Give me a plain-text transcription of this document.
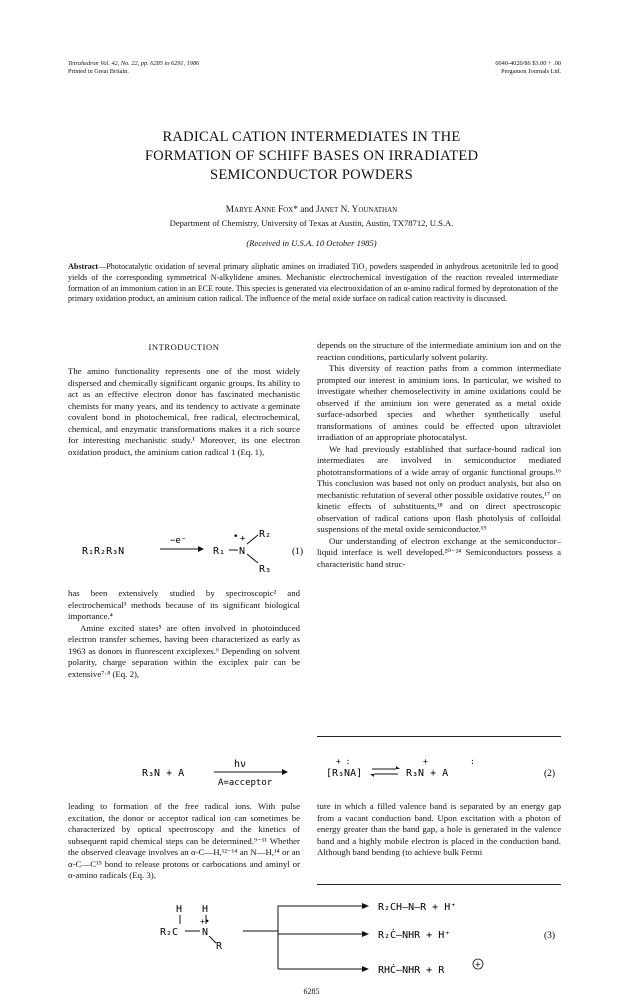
Tetrahedron Vol. 42, No. 22, pp. 6285 to 6291, 1986
Printed in Great Britain.
0040-4020/86 $3.00 + .00
Pergamon Journals Ltd.
RADICAL CATION INTERMEDIATES IN THE
FORMATION OF SCHIFF BASES ON IRRADIATED
SEMICONDUCTOR POWDERS
Marye Anne Fox* and Janet N. Younathan
Department of Chemistry, University of Texas at Austin, Austin, TX78712, U.S.A.
(Received in U.S.A. 10 October 1985)
Abstract—Photocatalytic oxidation of several primary aliphatic amines on irradiated TiO₂ powders suspended in anhydrous acetonitrile led to good yields of the corresponding symmetrical N-alkylidene amines. Mechanistic electrochemical investigation of the reaction revealed intermediate formation of an immonium cation in an ECE route. This species is generated via electrooxidation of an α-amino radical formed by deprotonation of the primary oxidation product, an aminium cation radical. The influence of the metal oxide surface on radical cation reactivity is discussed.
INTRODUCTION

The amino functionality represents one of the most widely dispersed and chemically significant organic groups. Its ability to act as an effective electron donor has fascinated mechanistic chemists for many years, and its tendency to activate a geminate covalent bond in photochemical, free radical, electrochemical, chemical, and enzymatic transformations makes it a rich source for interesting mechanistic study.¹ Moreover, its one electron oxidation product, the aminium cation radical 1 (Eq. 1),

R₁R₂R₃N
−e⁻
R₁ N
+
• R₂
R₃
(1)

has been extensively studied by spectroscopic² and electrochemical³ methods because of its significant biological importance.⁴

Amine excited states⁵ are often involved in photoinduced electron transfer schemes, having been characterized as early as 1963 as donors in fluorescent exciplexes.⁶ Depending on solvent polarity, charge separation within the exciplex pair can be extensive⁷·⁸ (Eq. 2),

R₃N + A
hν
A=acceptor
+ :
[R₃NA]
+	:
R₃N + A	(2)

leading to formation of the free radical ions. With pulse excitation, the donor or acceptor radical ion can sometimes be characterized by optical spectroscopy and the kinetics of subsequent rapid chemical steps can be determined.⁹⁻¹¹ Whether the observed cleavage involves an α-C—H,¹²⁻¹⁴ an N—H,¹⁴ or an α-C—C¹⁵ bond to release protons or carbocations and aminyl or α-amino radicals (Eq. 3),

depends on the structure of the intermediate aminium ion and on the reaction conditions, particularly solvent polarity.

This diversity of reaction paths from a common intermediate prompted our interest in aminium ions. In particular, we wished to investigate whether chemoselectivity in amine oxidations could be observed if the aminium ion were generated as a metal oxide surface-adsorbed species and whether synthetically useful transformations of amines could be effected upon ultraviolet irradiation of an appropriate photocatalyst.

We had previously established that surface-bound radical ion intermediates are involved in semiconductor mediated phototransformations of a wide array of organic functional groups.¹⁶ This conclusion was based not only on product analysis, but also on mechanistic refutation of several other possible oxidative routes,¹⁷ on kinetic effects of substituents,¹⁸ and on direct spectroscopic observation of radical cations upon flash photolysis of colloidal suspensions of the metal oxide semiconductor.¹⁹

Our understanding of electron exchange at the semiconductor–liquid interface is well developed.²⁰⁻²⁴ Semiconductors possess a characteristic band struc-

ture in which a filled valence band is separated by an energy gap from a vacant conduction band. Upon excitation with a photon of energy greater than the band gap, a hole is generated in the valence band and a highly mobile electron is placed in the conduction band. Although band bending (to achieve bulk Fermi

H H
R₂C N
+•
R
R₂CH–N–R + H⁺
R₂Ċ–NHR + H⁺
RHĊ–NHR + R
+
(3)
6285
